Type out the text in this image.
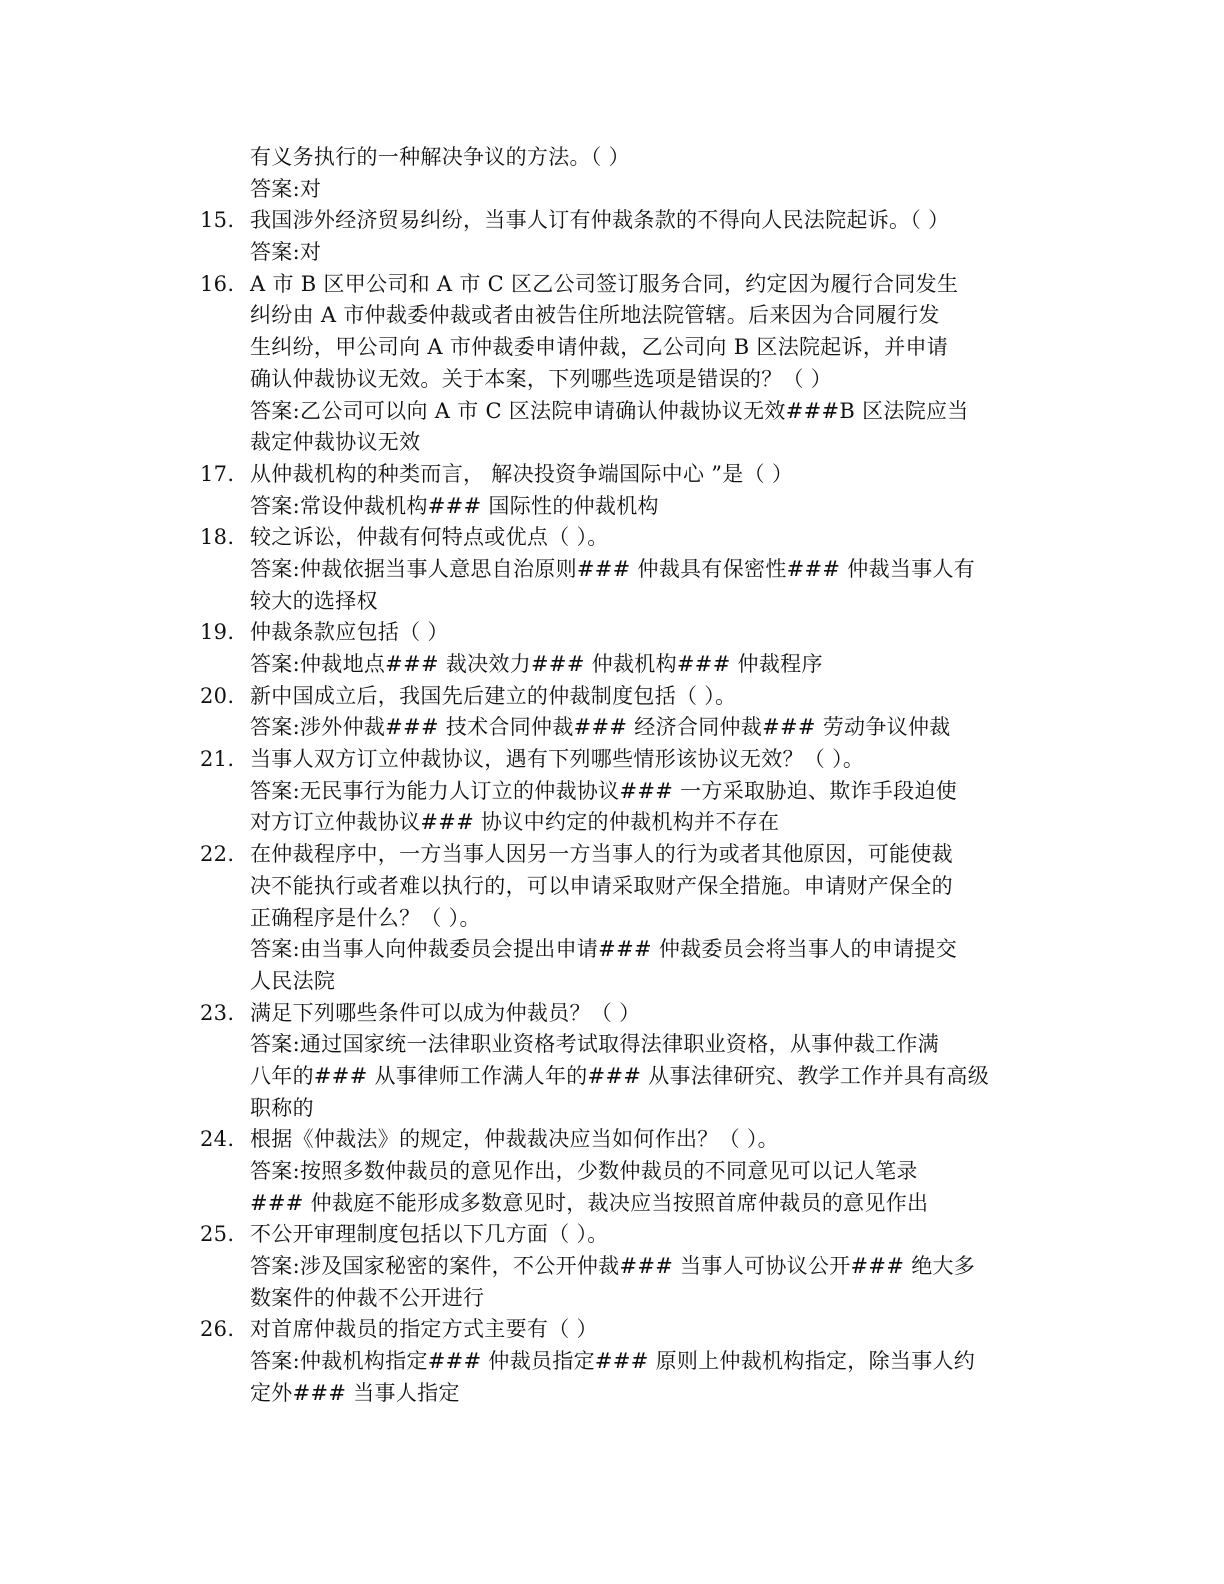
有义务执行的一种解决争议的方法。（ ）
答案:对
15. 我国涉外经济贸易纠纷，当事人订有仲裁条款的不得向人民法院起诉。（ ）
答案:对
16. A 市 B 区甲公司和 A 市 C 区乙公司签订服务合同，约定因为履行合同发生
纠纷由 A 市仲裁委仲裁或者由被告住所地法院管辖。后来因为合同履行发
生纠纷，甲公司向 A 市仲裁委申请仲裁，乙公司向 B 区法院起诉，并申请
确认仲裁协议无效。关于本案，下列哪些选项是错误的？（ ）
答案:乙公司可以向 A 市 C 区法院申请确认仲裁协议无效###B 区法院应当
裁定仲裁协议无效
17. 从仲裁机构的种类而言， 解决投资争端国际中心 ”是（ ）
答案:常设仲裁机构### 国际性的仲裁机构
18. 较之诉讼，仲裁有何特点或优点（ ）。
答案:仲裁依据当事人意思自治原则### 仲裁具有保密性### 仲裁当事人有
较大的选择权
19. 仲裁条款应包括（ ）
答案:仲裁地点### 裁决效力### 仲裁机构### 仲裁程序
20. 新中国成立后，我国先后建立的仲裁制度包括（ ）。
答案:涉外仲裁### 技术合同仲裁### 经济合同仲裁### 劳动争议仲裁
21. 当事人双方订立仲裁协议，遇有下列哪些情形该协议无效？（ ）。
答案:无民事行为能力人订立的仲裁协议### 一方采取胁迫、欺诈手段迫使
对方订立仲裁协议### 协议中约定的仲裁机构并不存在
22. 在仲裁程序中，一方当事人因另一方当事人的行为或者其他原因，可能使裁
决不能执行或者难以执行的，可以申请采取财产保全措施。申请财产保全的
正确程序是什么？（ ）。
答案:由当事人向仲裁委员会提出申请### 仲裁委员会将当事人的申请提交
人民法院
23. 满足下列哪些条件可以成为仲裁员？（ ）
答案:通过国家统一法律职业资格考试取得法律职业资格，从事仲裁工作满
八年的### 从事律师工作满人年的### 从事法律研究、教学工作并具有高级
职称的
24. 根据《仲裁法》的规定，仲裁裁决应当如何作出？（ ）。
答案:按照多数仲裁员的意见作出，少数仲裁员的不同意见可以记人笔录
### 仲裁庭不能形成多数意见时，裁决应当按照首席仲裁员的意见作出
25. 不公开审理制度包括以下几方面（ ）。
答案:涉及国家秘密的案件，不公开仲裁### 当事人可协议公开### 绝大多
数案件的仲裁不公开进行
26. 对首席仲裁员的指定方式主要有（ ）
答案:仲裁机构指定### 仲裁员指定### 原则上仲裁机构指定，除当事人约
定外### 当事人指定
